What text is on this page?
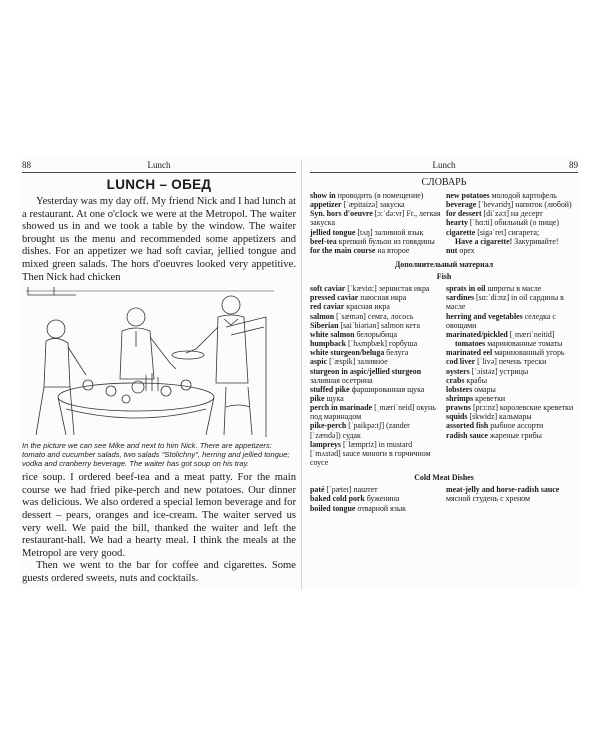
88	Lunch
LUNCH – ОБЕД

Yesterday was my day off. My friend Nick and I had lunch at a restaurant. At one o'clock we were at the Metropol. The waiter showed us in and we took a table by the window. The waiter brought us the menu and recommended some appetizers and dishes. For an appetizer we had soft caviar, jellied tongue and mixed green salads. The hors d'oeuvres looked very appetitive. Then Nick had chicken

In the picture we can see Mike and next to him Nick. There are appetizers: tomato and cucumber salads, two salads "Stolichny", herring and jellied tongue; vodka and cranberry beverage. The waiter has got soup on his tray.

rice soup. I ordered beef-tea and a meat patty. For the main course we had fried pike-perch and new potatoes. Our dinner was delicious. We also ordered a special lemon beverage and for dessert – pears, oranges and ice-cream. The waiter served us very well. We paid the bill, thanked the waiter and left the restaurant-hall. We had a hearty meal. I think the meals at the Metropol are very good.

Then we went to the bar for coffee and cigarettes. Some guests ordered sweets, nuts and cocktails.

Lunch	89
СЛОВАРЬ
show in проводить (в помещение)
appetizer [ˈæpitaizə] закуска
Syn. hors d'oeuvre [ɔ:ˈdə:vr] Fr., легкая закуска
jellied tongue [tʌŋ] заливной язык
beef-tea крепкий бульон из говядины
for the main course на второе
new potatoes молодой картофель
beverage [ˈbevəridʒ] напиток (любой)
for dessert [diˈzə:t] на десерт
hearty [ˈhɑ:ti] обильный (о пище)
cigarette [sigəˈret] сигарета;
Have a cigarette! Закуривайте!
nut орех
Дополнительный материал
Fish
soft caviar [ˈkæviɑ:] зернистая икра
pressed caviar паюсная икра
red caviar красная икра
salmon [ˈsæmən] семга, лосось
Siberian [saiˈbiəriən] salmon кета
white salmon белорыбица
humpback [ˈhʌmpbæk] горбуша
white sturgeon/beluga белуга
aspic [ˈæspik] заливное
sturgeon in aspic/jellied sturgeon заливная осетрина
stuffed pike фаршированная щука
pike щука
perch in marinade [ˌmæriˈneid] окунь под маринадом
pike-perch [ˈpaikpə:tʃ] (zander [ˈzændə]) судак
lampreys [ˈlæmpriz] in mustard [ˈmʌstəd] sauce миноги в горчичном соусе
sprats in oil шпроты в масле
sardines [sɑ:ˈdi:nz] in oil сардины в масле
herring and vegetables селедка с овощами
marinated/pickled [ˌmæriˈneitid]
tomatoes маринованные томаты
marinated eel маринованный угорь
cod liver [ˈlivə] печень трески
oysters [ˈɔistəz] устрицы
crabs крабы
lobsters омары
shrimps креветки
prawns [prɔ:nz] королевские креветки
squids [skwidz] кальмары
assorted fish рыбное ассорти
radish sauce жареные грибы
Cold Meat Dishes
paté [ˈpæteɪ] паштет
baked cold pork буженина
boiled tongue отварной язык
meat-jelly and horse-radish sauce мясной студень с хреном
